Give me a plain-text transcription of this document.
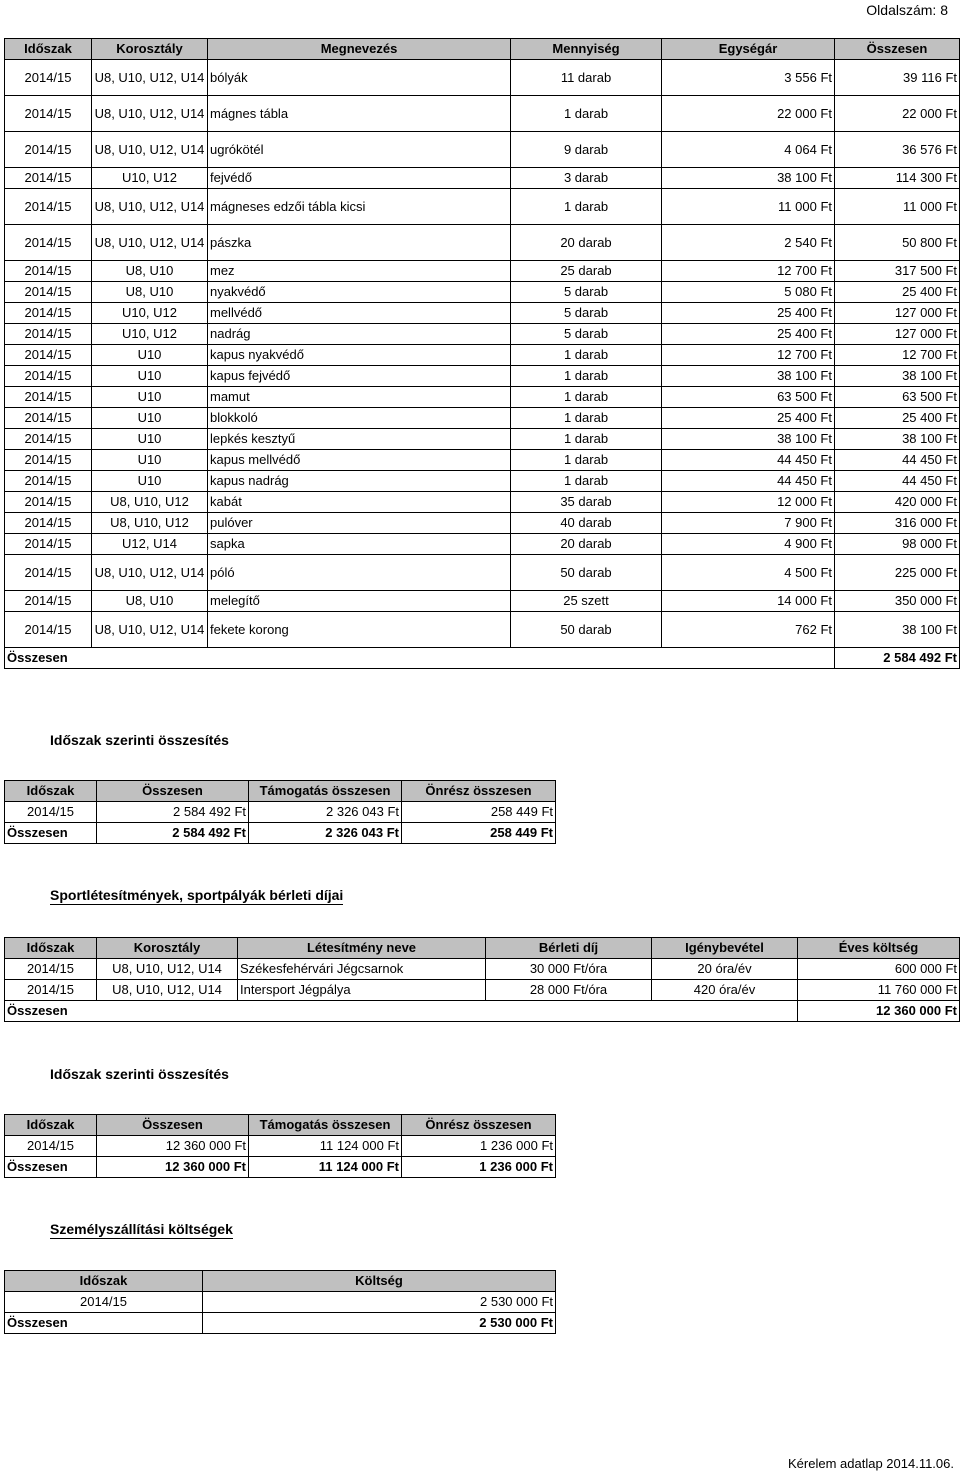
Oldalszám: 8
Időszak	Korosztály	Megnevezés	Mennyiség	Egységár	Összesen
2014/15	U8, U10, U12, U14	bólyák	11 darab	3 556 Ft	39 116 Ft
2014/15	U8, U10, U12, U14	mágnes tábla	1 darab	22 000 Ft	22 000 Ft
2014/15	U8, U10, U12, U14	ugrókötél	9 darab	4 064 Ft	36 576 Ft
2014/15	U10, U12	fejvédő	3 darab	38 100 Ft	114 300 Ft
2014/15	U8, U10, U12, U14	mágneses edzői tábla kicsi	1 darab	11 000 Ft	11 000 Ft
2014/15	U8, U10, U12, U14	pászka	20 darab	2 540 Ft	50 800 Ft
2014/15	U8, U10	mez	25 darab	12 700 Ft	317 500 Ft
2014/15	U8, U10	nyakvédő	5 darab	5 080 Ft	25 400 Ft
2014/15	U10, U12	mellvédő	5 darab	25 400 Ft	127 000 Ft
2014/15	U10, U12	nadrág	5 darab	25 400 Ft	127 000 Ft
2014/15	U10	kapus nyakvédő	1 darab	12 700 Ft	12 700 Ft
2014/15	U10	kapus fejvédő	1 darab	38 100 Ft	38 100 Ft
2014/15	U10	mamut	1 darab	63 500 Ft	63 500 Ft
2014/15	U10	blokkoló	1 darab	25 400 Ft	25 400 Ft
2014/15	U10	lepkés kesztyű	1 darab	38 100 Ft	38 100 Ft
2014/15	U10	kapus mellvédő	1 darab	44 450 Ft	44 450 Ft
2014/15	U10	kapus nadrág	1 darab	44 450 Ft	44 450 Ft
2014/15	U8, U10, U12	kabát	35 darab	12 000 Ft	420 000 Ft
2014/15	U8, U10, U12	pulóver	40 darab	7 900 Ft	316 000 Ft
2014/15	U12, U14	sapka	20 darab	4 900 Ft	98 000 Ft
2014/15	U8, U10, U12, U14	póló	50 darab	4 500 Ft	225 000 Ft
2014/15	U8, U10	melegítő	25 szett	14 000 Ft	350 000 Ft
2014/15	U8, U10, U12, U14	fekete korong	50 darab	762 Ft	38 100 Ft
Összesen					2 584 492 Ft
Időszak szerinti összesítés
Időszak	Összesen	Támogatás összesen	Önrész összesen
2014/15	2 584 492 Ft	2 326 043 Ft	258 449 Ft
Összesen	2 584 492 Ft	2 326 043 Ft	258 449 Ft
Sportlétesítmények, sportpályák bérleti díjai
Időszak	Korosztály	Létesítmény neve	Bérleti díj	Igénybevétel	Éves költség
2014/15	U8, U10, U12, U14	Székesfehérvári Jégcsarnok	30 000 Ft/óra	20 óra/év	600 000 Ft
2014/15	U8, U10, U12, U14	Intersport Jégpálya	28 000 Ft/óra	420 óra/év	11 760 000 Ft
Összesen					12 360 000 Ft
Időszak szerinti összesítés
Időszak	Összesen	Támogatás összesen	Önrész összesen
2014/15	12 360 000 Ft	11 124 000 Ft	1 236 000 Ft
Összesen	12 360 000 Ft	11 124 000 Ft	1 236 000 Ft
Személyszállítási költségek
Időszak	Költség
2014/15	2 530 000 Ft
Összesen	2 530 000 Ft
Kérelem adatlap 2014.11.06.
